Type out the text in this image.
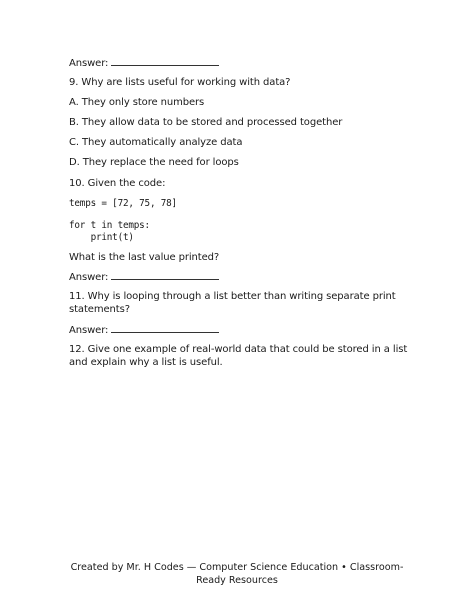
Answer:
9. Why are lists useful for working with data?
A. They only store numbers
B. They allow data to be stored and processed together
C. They automatically analyze data
D. They replace the need for loops
10. Given the code:
temps = [72, 75, 78]
for t in temps:
print(t)
What is the last value printed?
Answer:
11. Why is looping through a list better than writing separate print statements?
Answer:
12. Give one example of real-world data that could be stored in a list and explain why a list is useful.
Created by Mr. H Codes — Computer Science Education • Classroom-Ready Resources
